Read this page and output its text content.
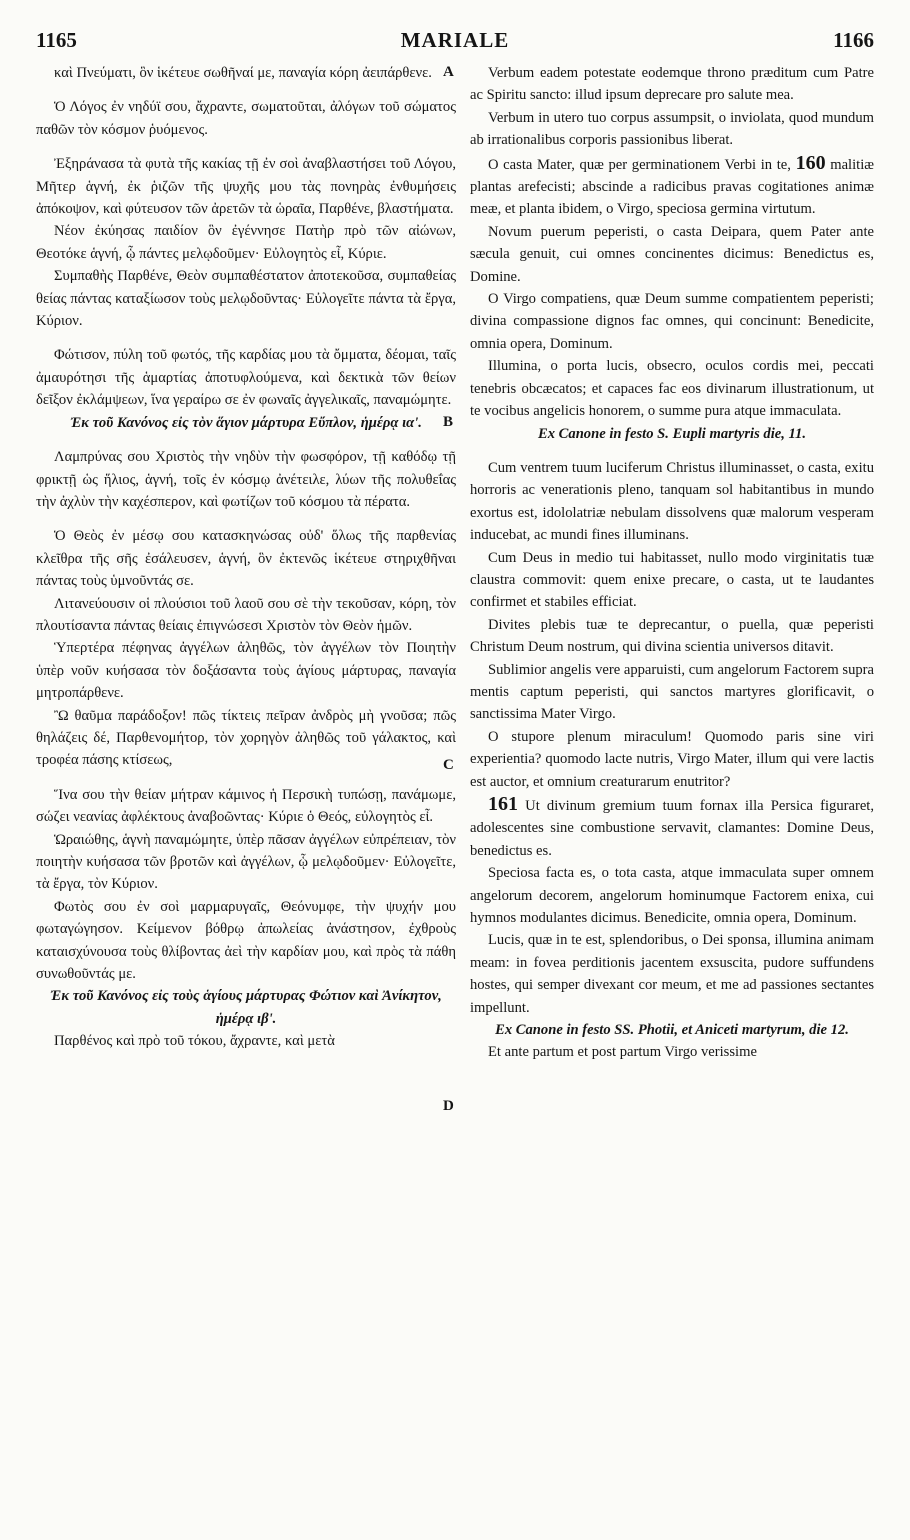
1165	MARIALE	1166

καὶ Πνεύματι, ὃν ἱκέτευε σωθῆναί με, παναγία κόρη ἀειπάρθενε.

Ὁ Λόγος ἐν νηδύϊ σου, ἄχραντε, σωματοῦται, ἀλόγων τοῦ σώματος παθῶν τὸν κόσμον ῥυόμενος.

Ἐξηράνασα τὰ φυτὰ τῆς κακίας τῇ ἐν σοὶ ἀναβλαστήσει τοῦ Λόγου, Μῆτερ ἁγνή, ἐκ ῥιζῶν τῆς ψυχῆς μου τὰς πονηρὰς ἐνθυμήσεις ἀπόκοψον, καὶ φύτευσον τῶν ἀρετῶν τὰ ὡραῖα, Παρθένε, βλαστήματα.

Νέον ἐκύησας παιδίον ὃν ἐγέννησε Πατὴρ πρὸ τῶν αἰώνων, Θεοτόκε ἁγνή, ᾧ πάντες μελῳδοῦμεν· Εὐλογητὸς εἶ, Κύριε.

Συμπαθὴς Παρθένε, Θεὸν συμπαθέστατον ἀποτεκοῦσα, συμπαθείας θείας πάντας καταξίωσον τοὺς μελῳδοῦντας· Εὐλογεῖτε πάντα τὰ ἔργα, Κύριον.

Φώτισον, πύλη τοῦ φωτός, τῆς καρδίας μου τὰ ὄμματα, δέομαι, ταῖς ἀμαυρότησι τῆς ἁμαρτίας ἀποτυφλούμενα, καὶ δεκτικὰ τῶν θείων δεῖξον ἐκλάμψεων, ἵνα γεραίρω σε ἐν φωναῖς ἀγγελικαῖς, παναμώμητε.

Ἐκ τοῦ Κανόνος εἰς τὸν ἅγιον μάρτυρα Εὔπλον, ἡμέρᾳ ια'.

Λαμπρύνας σου Χριστὸς τὴν νηδὺν τὴν φωσφόρον, τῇ καθόδῳ τῇ φρικτῇ ὡς ἥλιος, ἁγνή, τοῖς ἐν κόσμῳ ἀνέτειλε, λύων τῆς πολυθεΐας τὴν ἀχλὺν τὴν καχέσπερον, καὶ φωτίζων τοῦ κόσμου τὰ πέρατα.

Ὁ Θεὸς ἐν μέσῳ σου κατασκηνώσας οὐδ' ὅλως τῆς παρθενίας κλεῖθρα τῆς σῆς ἐσάλευσεν, ἁγνή, ὃν ἐκτενῶς ἱκέτευε στηριχθῆναι πάντας τοὺς ὑμνοῦντάς σε.

Λιτανεύουσιν οἱ πλούσιοι τοῦ λαοῦ σου σὲ τὴν τεκοῦσαν, κόρη, τὸν πλουτίσαντα πάντας θείαις ἐπιγνώσεσι Χριστὸν τὸν Θεὸν ἡμῶν.

Ὑπερτέρα πέφηνας ἀγγέλων ἀληθῶς, τὸν ἀγγέλων τὸν Ποιητὴν ὑπὲρ νοῦν κυήσασα τὸν δοξάσαντα τοὺς ἁγίους μάρτυρας, παναγία μητροπάρθενε.

Ὢ θαῦμα παράδοξον! πῶς τίκτεις πεῖραν ἀνδρὸς μὴ γνοῦσα; πῶς θηλάζεις δέ, Παρθενομήτορ, τὸν χορηγὸν ἀληθῶς τοῦ γάλακτος, καὶ τροφέα πάσης κτίσεως,

Ἵνα σου τὴν θείαν μήτραν κάμινος ἡ Περσικὴ τυπώσῃ, πανάμωμε, σώζει νεανίας ἀφλέκτους ἀναβοῶντας· Κύριε ὁ Θεός, εὐλογητὸς εἶ.

Ὡραιώθης, ἁγνὴ παναμώμητε, ὑπὲρ πᾶσαν ἀγγέλων εὐπρέπειαν, τὸν ποιητὴν κυήσασα τῶν βροτῶν καὶ ἀγγέλων, ᾧ μελῳδοῦμεν· Εὐλογεῖτε, τὰ ἔργα, τὸν Κύριον.

Φωτὸς σου ἐν σοὶ μαρμαρυγαῖς, Θεόνυμφε, τὴν ψυχήν μου φωταγώγησον. Κείμενον βόθρῳ ἀπωλείας ἀνάστησον, ἐχθροὺς καταισχύνουσα τοὺς θλίβοντας ἀεὶ τὴν καρδίαν μου, καὶ πρὸς τὰ πάθη συνωθοῦντάς με.

Ἐκ τοῦ Κανόνος εἰς τοὺς ἁγίους μάρτυρας Φώτιον καὶ Ἀνίκητον, ἡμέρᾳ ιβ'.

Παρθένος καὶ πρὸ τοῦ τόκου, ἄχραντε, καὶ μετὰ

Verbum eadem potestate eodemque throno præditum cum Patre ac Spiritu sancto: illud ipsum deprecare pro salute mea.

Verbum in utero tuo corpus assumpsit, o inviolata, quod mundum ab irrationalibus corporis passionibus liberat.

O casta Mater, quæ per germinationem Verbi in te, 160 malitiæ plantas arefecisti; abscinde a radicibus pravas cogitationes animæ meæ, et planta ibidem, o Virgo, speciosa germina virtutum.

Novum puerum peperisti, o casta Deipara, quem Pater ante sæcula genuit, cui omnes concinentes dicimus: Benedictus es, Domine.

O Virgo compatiens, quæ Deum summe compatientem peperisti; divina compassione dignos fac omnes, qui concinunt: Benedicite, omnia opera, Dominum.

Illumina, o porta lucis, obsecro, oculos cordis mei, peccati tenebris obcæcatos; et capaces fac eos divinarum illustrationum, ut te vocibus angelicis honorem, o summe pura atque immaculata.

Ex Canone in festo S. Eupli martyris die, 11.

Cum ventrem tuum luciferum Christus illuminasset, o casta, exitu horroris ac venerationis pleno, tanquam sol habitantibus in mundo exortus est, idololatriæ nebulam dissolvens quæ malorum vesperam inducebat, ac mundi fines illuminans.

Cum Deus in medio tui habitasset, nullo modo virginitatis tuæ claustra commovit: quem enixe precare, o casta, ut te laudantes confirmet et stabiles efficiat.

Divites plebis tuæ te deprecantur, o puella, quæ peperisti Christum Deum nostrum, qui divina scientia universos ditavit.

Sublimior angelis vere apparuisti, cum angelorum Factorem supra mentis captum peperisti, qui sanctos martyres glorificavit, o sanctissima Mater Virgo.

O stupore plenum miraculum! Quomodo paris sine viri experientia? quomodo lacte nutris, Virgo Mater, illum qui vere lactis est auctor, et omnium creaturarum enutritor?

161 Ut divinum gremium tuum fornax illa Persica figuraret, adolescentes sine combustione servavit, clamantes: Domine Deus, benedictus es.

Speciosa facta es, o tota casta, atque immaculata super omnem angelorum decorem, angelorum hominumque Factorem enixa, cui hymnos modulantes dicimus. Benedicite, omnia opera, Dominum.

Lucis, quæ in te est, splendoribus, o Dei sponsa, illumina animam meam: in fovea perditionis jacentem exsuscita, pudore suffundens hostes, qui semper divexant cor meum, et me ad passiones sectantes impellunt.

Ex Canone in festo SS. Photii, et Aniceti martyrum, die 12.

Et ante partum et post partum Virgo verissime

A
B
C
D
